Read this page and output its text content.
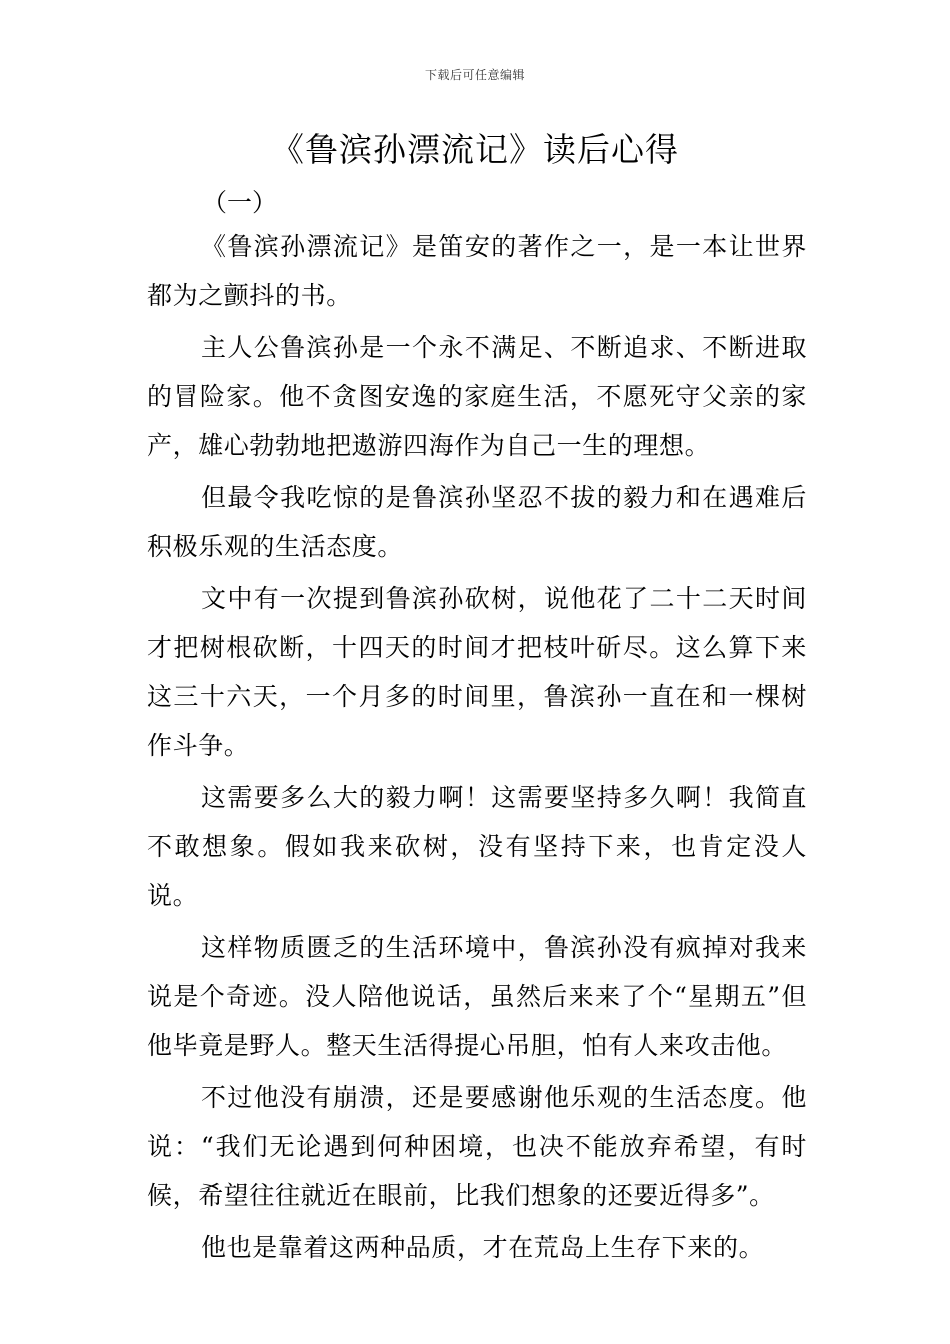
下载后可任意编辑
《鲁滨孙漂流记》读后心得
（一）

《鲁滨孙漂流记》是笛安的著作之一，是一本让世界都为之颤抖的书。

主人公鲁滨孙是一个永不满足、不断追求、不断进取的冒险家。他不贪图安逸的家庭生活，不愿死守父亲的家产，雄心勃勃地把遨游四海作为自己一生的理想。

但最令我吃惊的是鲁滨孙坚忍不拔的毅力和在遇难后积极乐观的生活态度。

文中有一次提到鲁滨孙砍树，说他花了二十二天时间才把树根砍断，十四天的时间才把枝叶斫尽。这么算下来这三十六天，一个月多的时间里，鲁滨孙一直在和一棵树作斗争。

这需要多么大的毅力啊！这需要坚持多久啊！我简直不敢想象。假如我来砍树，没有坚持下来，也肯定没人说。

这样物质匮乏的生活环境中，鲁滨孙没有疯掉对我来说是个奇迹。没人陪他说话，虽然后来来了个“星期五”但他毕竟是野人。整天生活得提心吊胆，怕有人来攻击他。

不过他没有崩溃，还是要感谢他乐观的生活态度。他说：“我们无论遇到何种困境，也决不能放弃希望，有时候，希望往往就近在眼前，比我们想象的还要近得多”。

他也是靠着这两种品质，才在荒岛上生存下来的。
